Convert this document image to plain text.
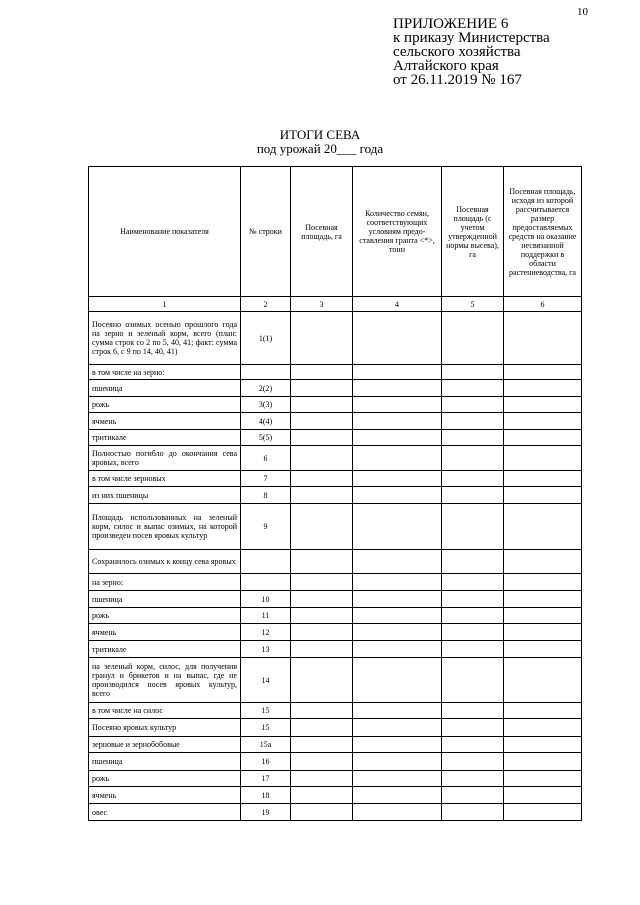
10
ПРИЛОЖЕНИЕ 6
к приказу Министерства
сельского хозяйства
Алтайского края
от 26.11.2019 № 167
ИТОГИ СЕВА
под урожай 20___ года
Наименование показателя	№ строки	Посевная площадь, га	Количество семян, соответствующих условиям предо-ставления гранта <*>, тонн	Посевная площадь (с учетом утвержденной нормы высева), га	Посевная площадь, исходя из которой рассчитывается размер предоставляемых средств на оказание несвязанной поддержки в области растениеводства, га
1	2	3	4	5	6
Посеяно озимых осенью прошлого года на зерно и зеленый корм, всего (план: сумма строк со 2 по 5, 40, 41; факт: сумма строк 6, с 9 по 14, 40, 41)	1(1)				
в том числе на зерно:					
пшеница	2(2)				
рожь	3(3)				
ячмень	4(4)				
тритикале	5(5)				
Полностью погибло до окончания сева яровых, всего	6				
в том числе зерновых	7				
из них пшеницы	8				
Площадь использованных на зеленый корм, силос и выпас озимых, на которой произведен посев яровых культур	9				
Сохранилось озимых к концу сева яровых					
на зерно:					
пшеница	10				
рожь	11				
ячмень	12				
тритикале	13				
на зеленый корм, силос, для получения гранул и брикетов и на выпас, где не производился посев яровых культур, всего	14				
в том числе на силос	15				
Посеяно яровых культур	15				
зерновые и зернобобовые	15а				
пшеница	16				
рожь	17				
ячмень	18				
овес	19				
